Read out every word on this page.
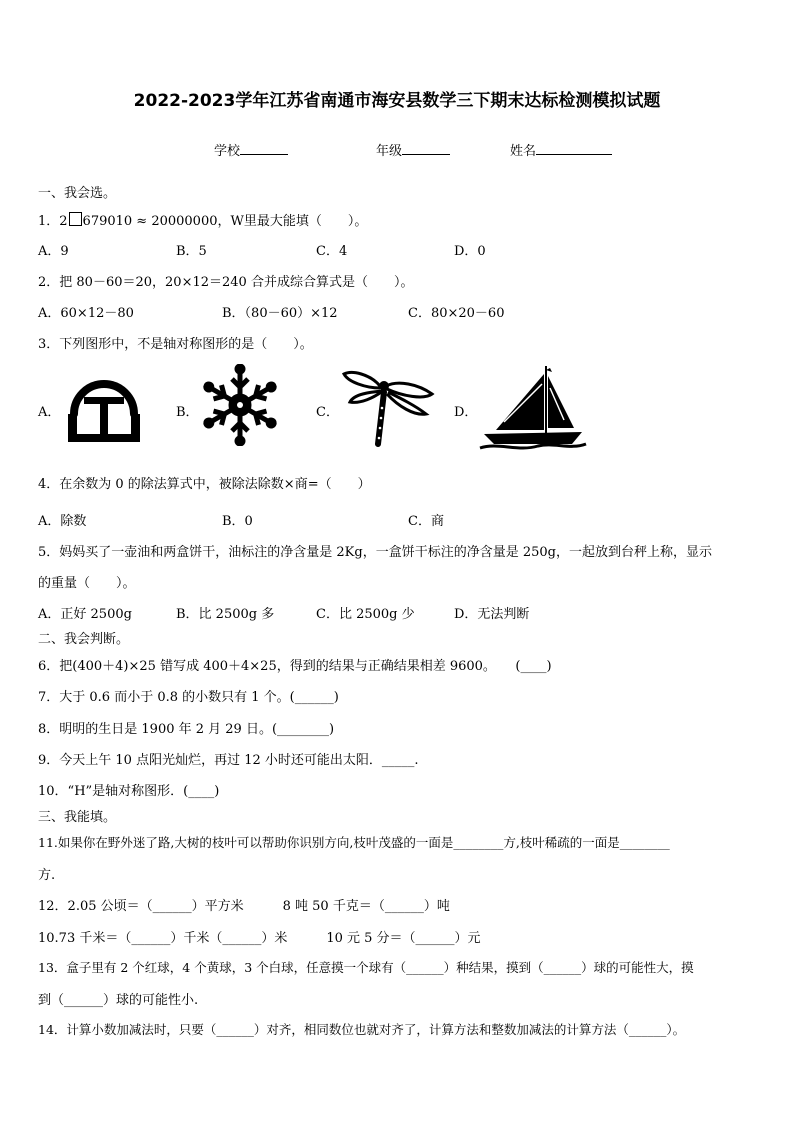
2022-2023学年江苏省南通市海安县数学三下期末达标检测模拟试题
学校	年级	姓名
一、我会选。
1．2 679010 ≈ 20000000，W里最大能填（　　）。
A．9	B．5	C．4	D．0
2．把 80－60＝20，20×12＝240 合并成综合算式是（　　）。
A．60×12－80	B．（80－60）×12	C．80×20－60
3．下列图形中，不是轴对称图形的是（　　）。
A．	B．	C．	D．
4．在余数为 0 的除法算式中，被除法除数×商=（　　）
A．除数	B．0	C．商
5．妈妈买了一壶油和两盒饼干，油标注的净含量是 2Kg，一盒饼干标注的净含量是 250g，一起放到台秤上称，显示
的重量（　　）。
A．正好 2500g	B．比 2500g 多	C．比 2500g 少	D．无法判断
二、我会判断。
6．把(400＋4)×25 错写成 400＋4×25，得到的结果与正确结果相差 9600。　　(____)
7．大于 0.6 而小于 0.8 的小数只有 1 个。(______)
8．明明的生日是 1900 年 2 月 29 日。(________)
9．今天上午 10 点阳光灿烂，再过 12 小时还可能出太阳．_____.
10．“H”是轴对称图形．(____)
三、我能填。
11.如果你在野外迷了路,大树的枝叶可以帮助你识别方向,枝叶茂盛的一面是________方,枝叶稀疏的一面是________
方.
12．2.05 公顷＝（______）平方米　　　8 吨 50 千克＝（______）吨
10.73 千米＝（______）千米（______）米　　　10 元 5 分＝（______）元
13．盒子里有 2 个红球，4 个黄球，3 个白球，任意摸一个球有（______）种结果，摸到（______）球的可能性大，摸
到（______）球的可能性小.
14．计算小数加减法时，只要（______）对齐，相同数位也就对齐了，计算方法和整数加减法的计算方法（______）。
